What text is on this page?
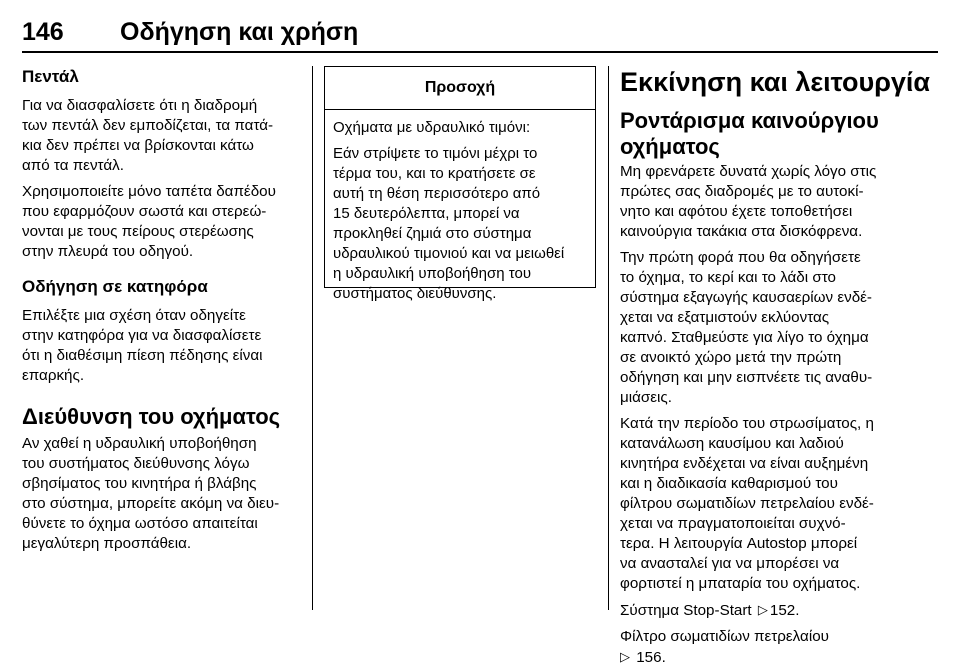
146 Οδήγηση και χρήση
Πεντάλ

Για να διασφαλίσετε ότι η διαδρομή
των πεντάλ δεν εμποδίζεται, τα πατά-
κια δεν πρέπει να βρίσκονται κάτω
από τα πεντάλ.

Χρησιμοποιείτε μόνο ταπέτα δαπέδου
που εφαρμόζουν σωστά και στερεώ-
νονται με τους πείρους στερέωσης
στην πλευρά του οδηγού.

Οδήγηση σε κατηφόρα

Επιλέξτε μια σχέση όταν οδηγείτε
στην κατηφόρα για να διασφαλίσετε
ότι η διαθέσιμη πίεση πέδησης είναι
επαρκής.

Διεύθυνση του οχήματος

Αν χαθεί η υδραυλική υποβοήθηση
του συστήματος διεύθυνσης λόγω
σβησίματος του κινητήρα ή βλάβης
στο σύστημα, μπορείτε ακόμη να διευ-
θύνετε το όχημα ωστόσο απαιτείται
μεγαλύτερη προσπάθεια.

Προσοχή

Οχήματα με υδραυλικό τιμόνι:

Εάν στρίψετε το τιμόνι μέχρι το
τέρμα του, και το κρατήσετε σε
αυτή τη θέση περισσότερο από
15 δευτερόλεπτα, μπορεί να
προκληθεί ζημιά στο σύστημα
υδραυλικού τιμονιού και να μειωθεί
η υδραυλική υποβοήθηση του
συστήματος διεύθυνσης.

Εκκίνηση και λειτουργία
Ροντάρισμα καινούργιου
οχήματος

Μη φρενάρετε δυνατά χωρίς λόγο στις
πρώτες σας διαδρομές με το αυτοκί-
νητο και αφότου έχετε τοποθετήσει
καινούργια τακάκια στα δισκόφρενα.

Την πρώτη φορά που θα οδηγήσετε
το όχημα, το κερί και το λάδι στο
σύστημα εξαγωγής καυσαερίων ενδέ-
χεται να εξατμιστούν εκλύοντας
καπνό. Σταθμεύστε για λίγο το όχημα
σε ανοικτό χώρο μετά την πρώτη
οδήγηση και μην εισπνέετε τις αναθυ-
μιάσεις.

Κατά την περίοδο του στρωσίματος, η
κατανάλωση καυσίμου και λαδιού
κινητήρα ενδέχεται να είναι αυξημένη
και η διαδικασία καθαρισμού του
φίλτρου σωματιδίων πετρελαίου ενδέ-
χεται να πραγματοποιείται συχνό-
τερα. Η λειτουργία Autostop μπορεί
να ανασταλεί για να μπορέσει να
φορτιστεί η μπαταρία του οχήματος.

Σύστημα Stop-Start ▷ 152.

Φίλτρο σωματιδίων πετρελαίου
▷ 156.
